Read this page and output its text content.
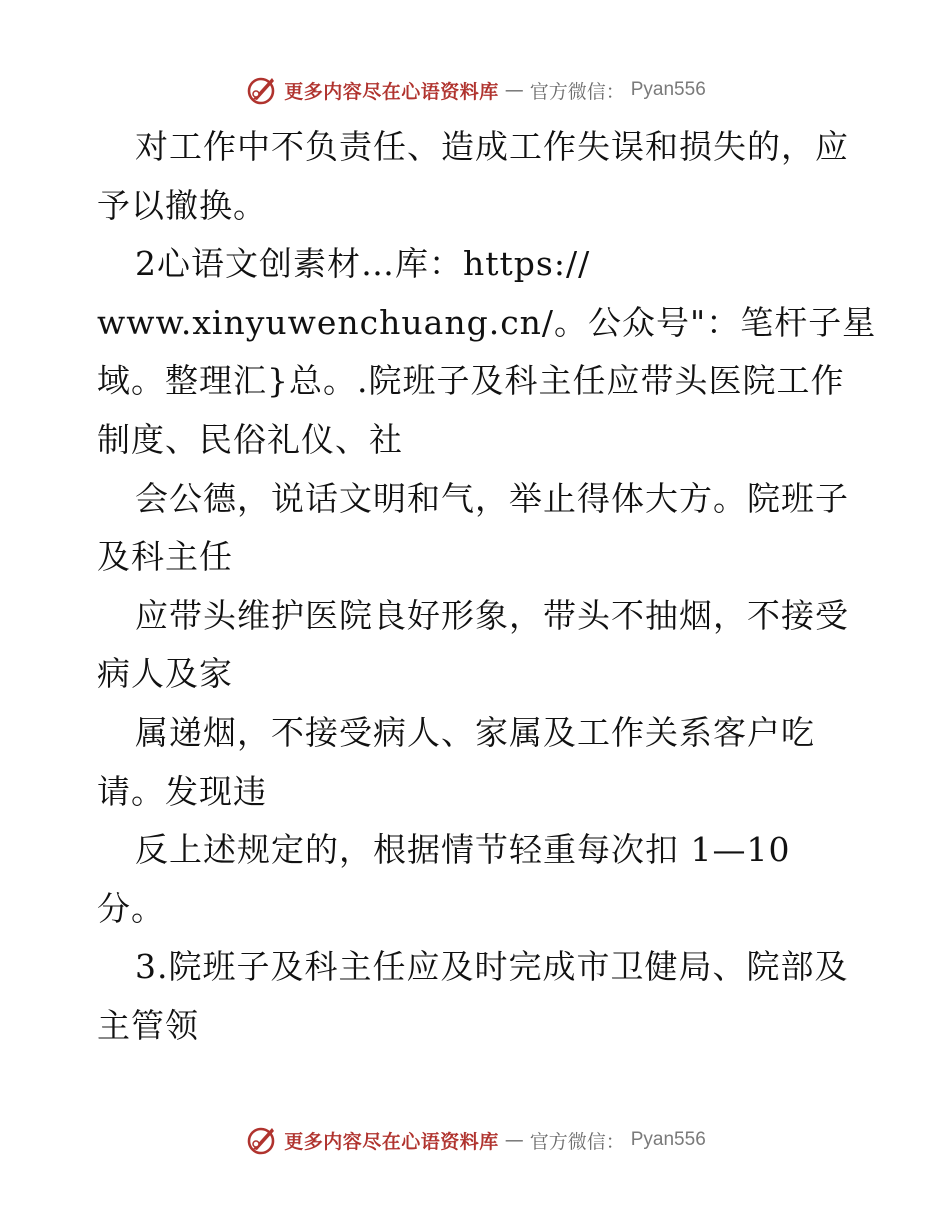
更多内容尽在心语资料库 — 官方微信： Pyan556
对工作中不负责任、造成工作失误和损失的，应
予以撤换。
2心语文创素材…库：https://
www.xinyuwenchuang.cn/。公众号"：笔杆子星
域。整理汇}总。.院班子及科主任应带头医院工作
制度、民俗礼仪、社
会公德，说话文明和气，举止得体大方。院班子
及科主任
应带头维护医院良好形象，带头不抽烟，不接受
病人及家
属递烟，不接受病人、家属及工作关系客户吃
请。发现违
反上述规定的，根据情节轻重每次扣 1—10
分。
3.院班子及科主任应及时完成市卫健局、院部及
主管领
更多内容尽在心语资料库 — 官方微信： Pyan556
